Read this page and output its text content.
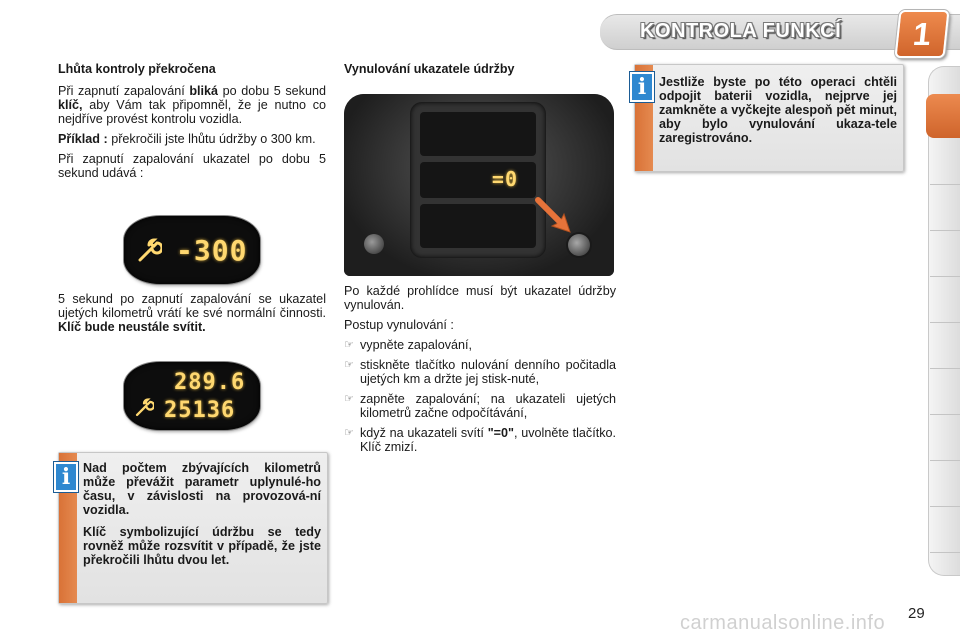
KONTROLA FUNKCÍ	1
Lhůta kontroly překročena

Při zapnutí zapalování bliká po dobu 5 sekund klíč, aby Vám tak připomněl, že je nutno co nejdříve provést kontrolu vozidla.

Příklad : překročili jste lhůtu údržby o 300 km.

Při zapnutí zapalování ukazatel po dobu 5 sekund udává :

-300

5 sekund po zapnutí zapalování se ukazatel ujetých kilometrů vrátí ke své normální činnosti. Klíč bude neustále svítit.

289.6
25136

Nad počtem zbývajících kilometrů může převážit parametr uplynulé-ho času, v závislosti na provozová-ní vozidla.

Klíč symbolizující údržbu se tedy rovněž může rozsvítit v případě, že jste překročili lhůtu dvou let.

i
Vynulování ukazatele údržby
=0

Po každé prohlídce musí být ukazatel údržby vynulován.

Postup vynulování :

☞ vypněte zapalování,
☞ stiskněte tlačítko nulování denního počitadla ujetých km a držte jej stisk-nuté,
☞ zapněte zapalování; na ukazateli ujetých kilometrů začne odpočítávání,
☞ když na ukazateli svítí "=0", uvolněte tlačítko. Klíč zmizí.
Jestliže byste po této operaci chtěli odpojit baterii vozidla, nejprve jej zamkněte a vyčkejte alespoň pět minut, aby bylo vynulování ukaza-tele zaregistrováno.
i
carmanualsonline.info 29
